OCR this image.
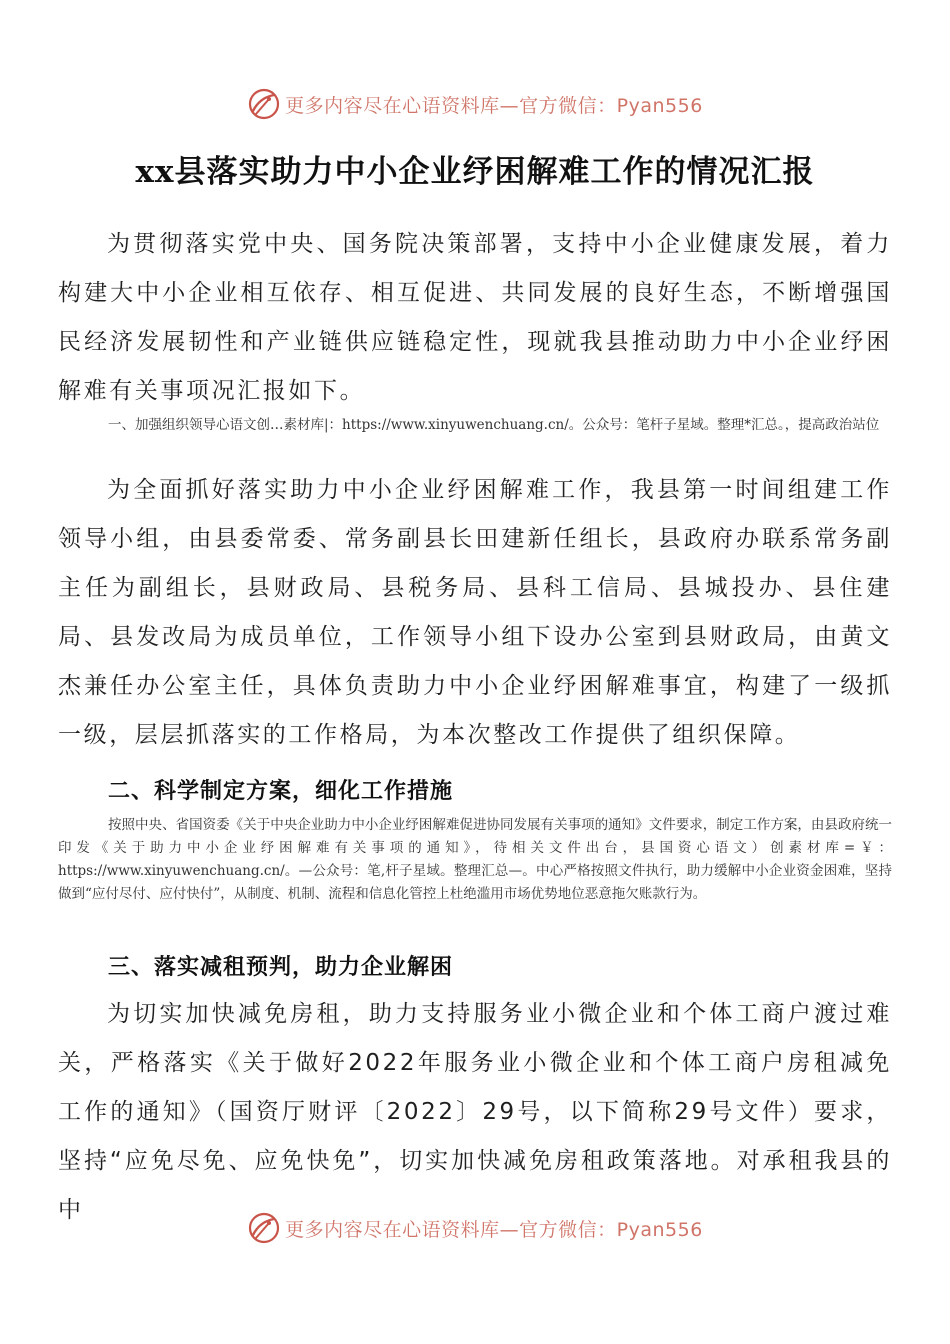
更多内容尽在心语资料库—官方微信：Pyan556
xx县落实助力中小企业纾困解难工作的情况汇报

为贯彻落实党中央、国务院决策部署，支持中小企业健康发展，着力构建大中小企业相互依存、相互促进、共同发展的良好生态，不断增强国民经济发展韧性和产业链供应链稳定性，现就我县推动助力中小企业纾困解难有关事项况汇报如下。

一、加强组织领导心语文创…素材库|：https://www.xinyuwenchuang.cn/。公众号：笔杆子星域。整理*汇总。，提高政治站位

为全面抓好落实助力中小企业纾困解难工作，我县第一时间组建工作领导小组，由县委常委、常务副县长田建新任组长，县政府办联系常务副主任为副组长，县财政局、县税务局、县科工信局、县城投办、县住建局、县发改局为成员单位，工作领导小组下设办公室到县财政局，由黄文杰兼任办公室主任，具体负责助力中小企业纾困解难事宜，构建了一级抓一级，层层抓落实的工作格局，为本次整改工作提供了组织保障。

二、科学制定方案，细化工作措施

按照中央、省国资委《关于中央企业助力中小企业纾困解难促进协同发展有关事项的通知》文件要求，制定工作方案，由县政府统一印发《关于助力中小企业纾困解难有关事项的通知》，待相关文件出台，县国资心语文）创素材库=￥：https://www.xinyuwenchuang.cn/。—公众号：笔,杆子星域。整理汇总—。中心严格按照文件执行，助力缓解中小企业资金困难，坚持做到“应付尽付、应付快付”，从制度、机制、流程和信息化管控上杜绝滥用市场优势地位恶意拖欠账款行为。

三、落实减租预判，助力企业解困

为切实加快减免房租，助力支持服务业小微企业和个体工商户渡过难关，严格落实《关于做好2022年服务业小微企业和个体工商户房租减免工作的通知》（国资厅财评〔2022〕29号，以下简称29号文件）要求，坚持“应免尽免、应免快免”，切实加快减免房租政策落地。对承租我县的中

更多内容尽在心语资料库—官方微信：Pyan556
